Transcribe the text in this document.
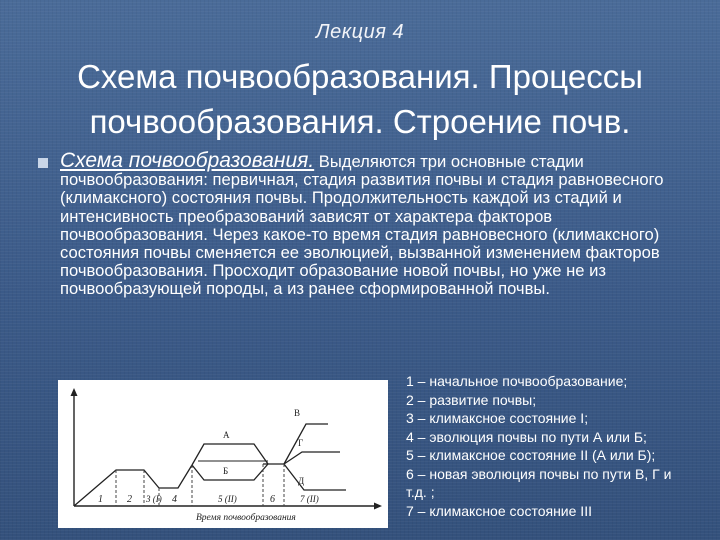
Лекция 4
Схема почвообразования. Процессы
почвообразования. Строение почв.
Схема почвообразования. Выделяются три основные стадии почвообразования: первичная, стадия развития почвы и стадия равновесного (климаксного) состояния почвы. Продолжительность каждой из стадий и интенсивность преобразований зависят от характера факторов почвообразования. Через какое-то время стадия равновесного (климаксного) состояния почвы сменяется ее эволюцией, вызванной изменением факторов почвообразования. Просходит образование новой почвы, но уже не из почвообразующей породы, а из ранее сформированной почвы.
1 2 3 (I) 4	5 (II)	6	7 (II)
А
Б
В
Г
Д
Время почвообразования
1 – начальное почвообразование;
2 – развитие почвы;
3 – климаксное состояние I;
4 – эволюция почвы по пути А или Б;
5 – климаксное состояние II (А или Б);
6 – новая эволюция почвы по пути В, Г и
т.д. ;
7 – климаксное состояние III
